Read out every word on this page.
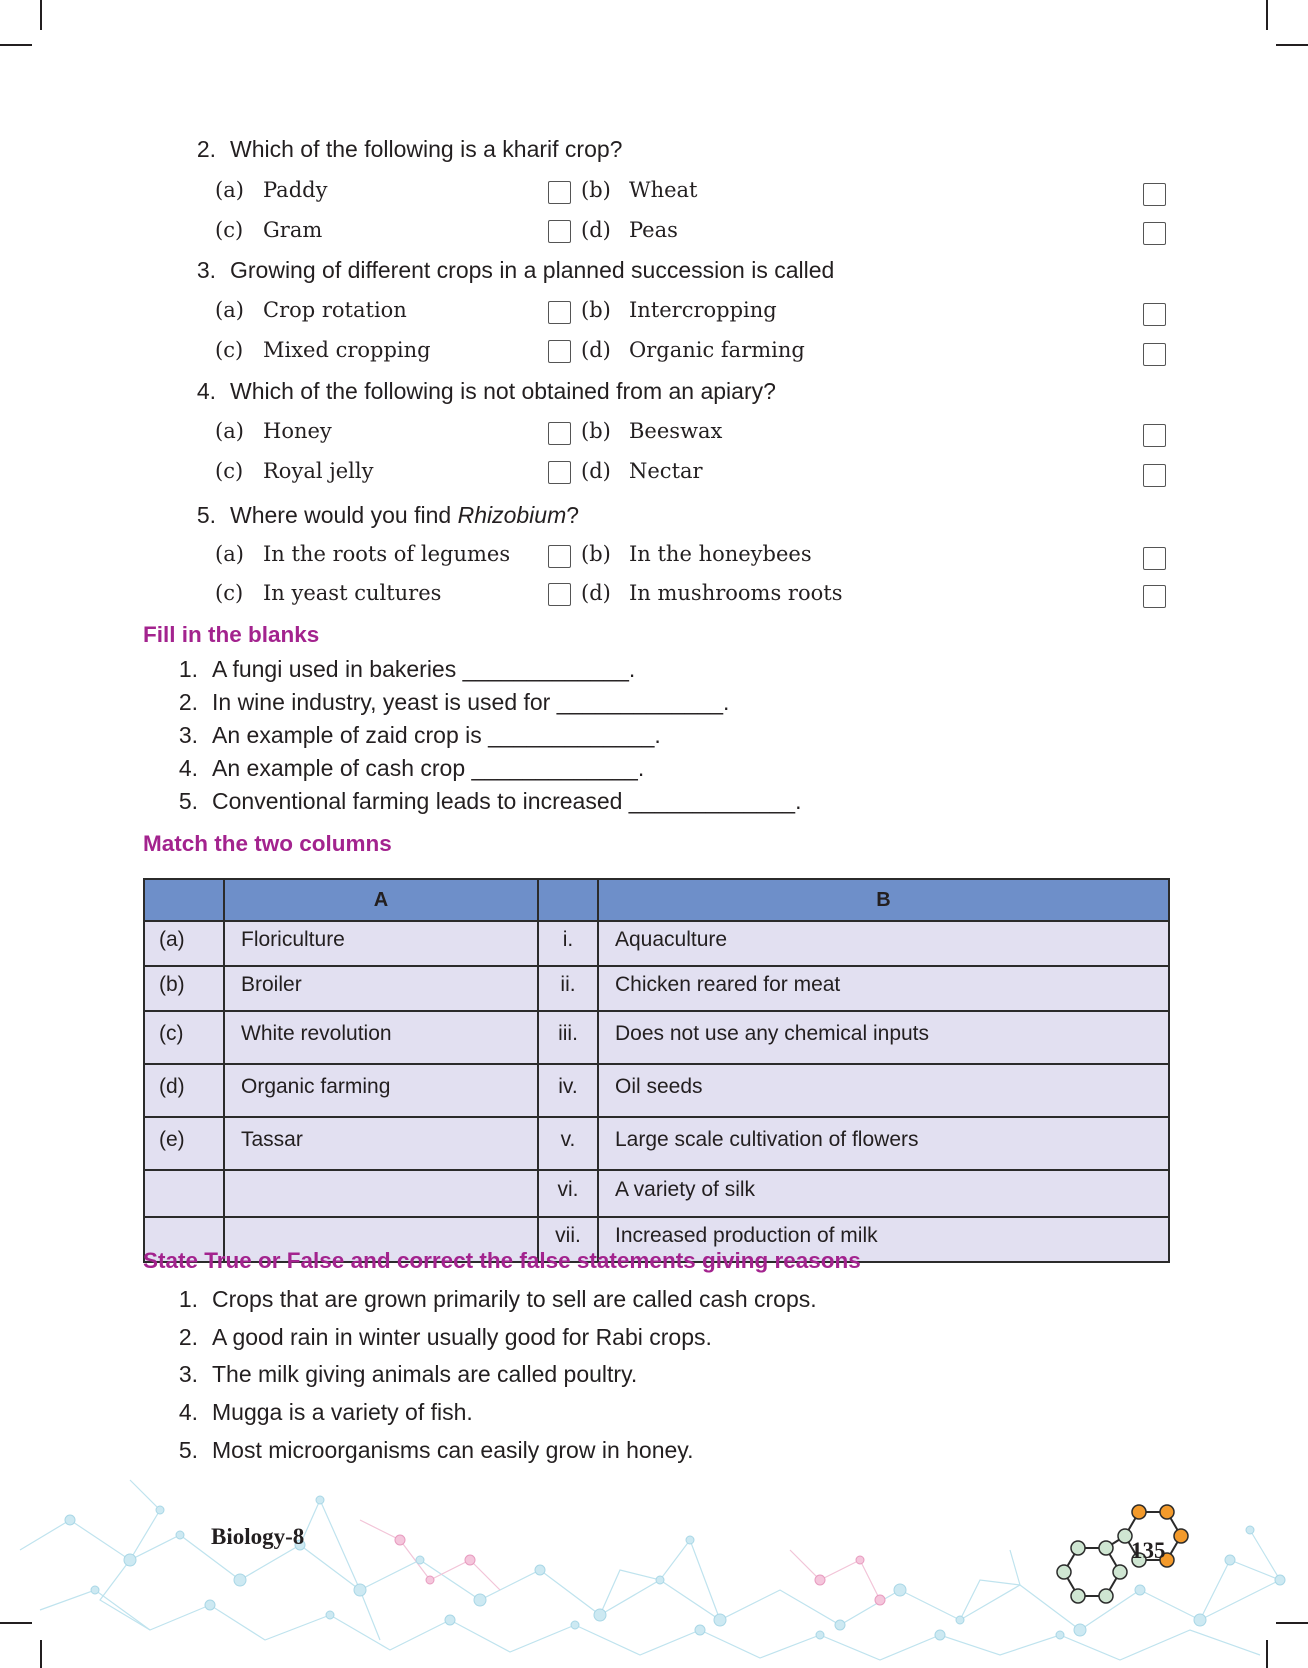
2. Which of the following is a kharif crop?
(a) Paddy	(b) Wheat
(c) Gram	(d) Peas
3. Growing of different crops in a planned succession is called
(a) Crop rotation	(b) Intercropping
(c) Mixed cropping	(d) Organic farming
4. Which of the following is not obtained from an apiary?
(a) Honey	(b) Beeswax
(c) Royal jelly	(d) Nectar
5. Where would you find Rhizobium?
(a) In the roots of legumes	(b) In the honeybees
(c) In yeast cultures	(d) In mushrooms roots
Fill in the blanks
1. A fungi used in bakeries _____________.
2. In wine industry, yeast is used for _____________.
3. An example of zaid crop is _____________.
4. An example of cash crop _____________.
5. Conventional farming leads to increased _____________.
Match the two columns
	A		B
(a)	Floriculture	i.	Aquaculture
(b)	Broiler	ii.	Chicken reared for meat
(c)	White revolution	iii.	Does not use any chemical inputs
(d)	Organic farming	iv.	Oil seeds
(e)	Tassar	v.	Large scale cultivation of flowers
		vi.	A variety of silk
		vii.	Increased production of milk
State True or False and correct the false statements giving reasons
1. Crops that are grown primarily to sell are called cash crops.
2. A good rain in winter usually good for Rabi crops.
3. The milk giving animals are called poultry.
4. Mugga is a variety of fish.
5. Most microorganisms can easily grow in honey.
135
Biology-8
